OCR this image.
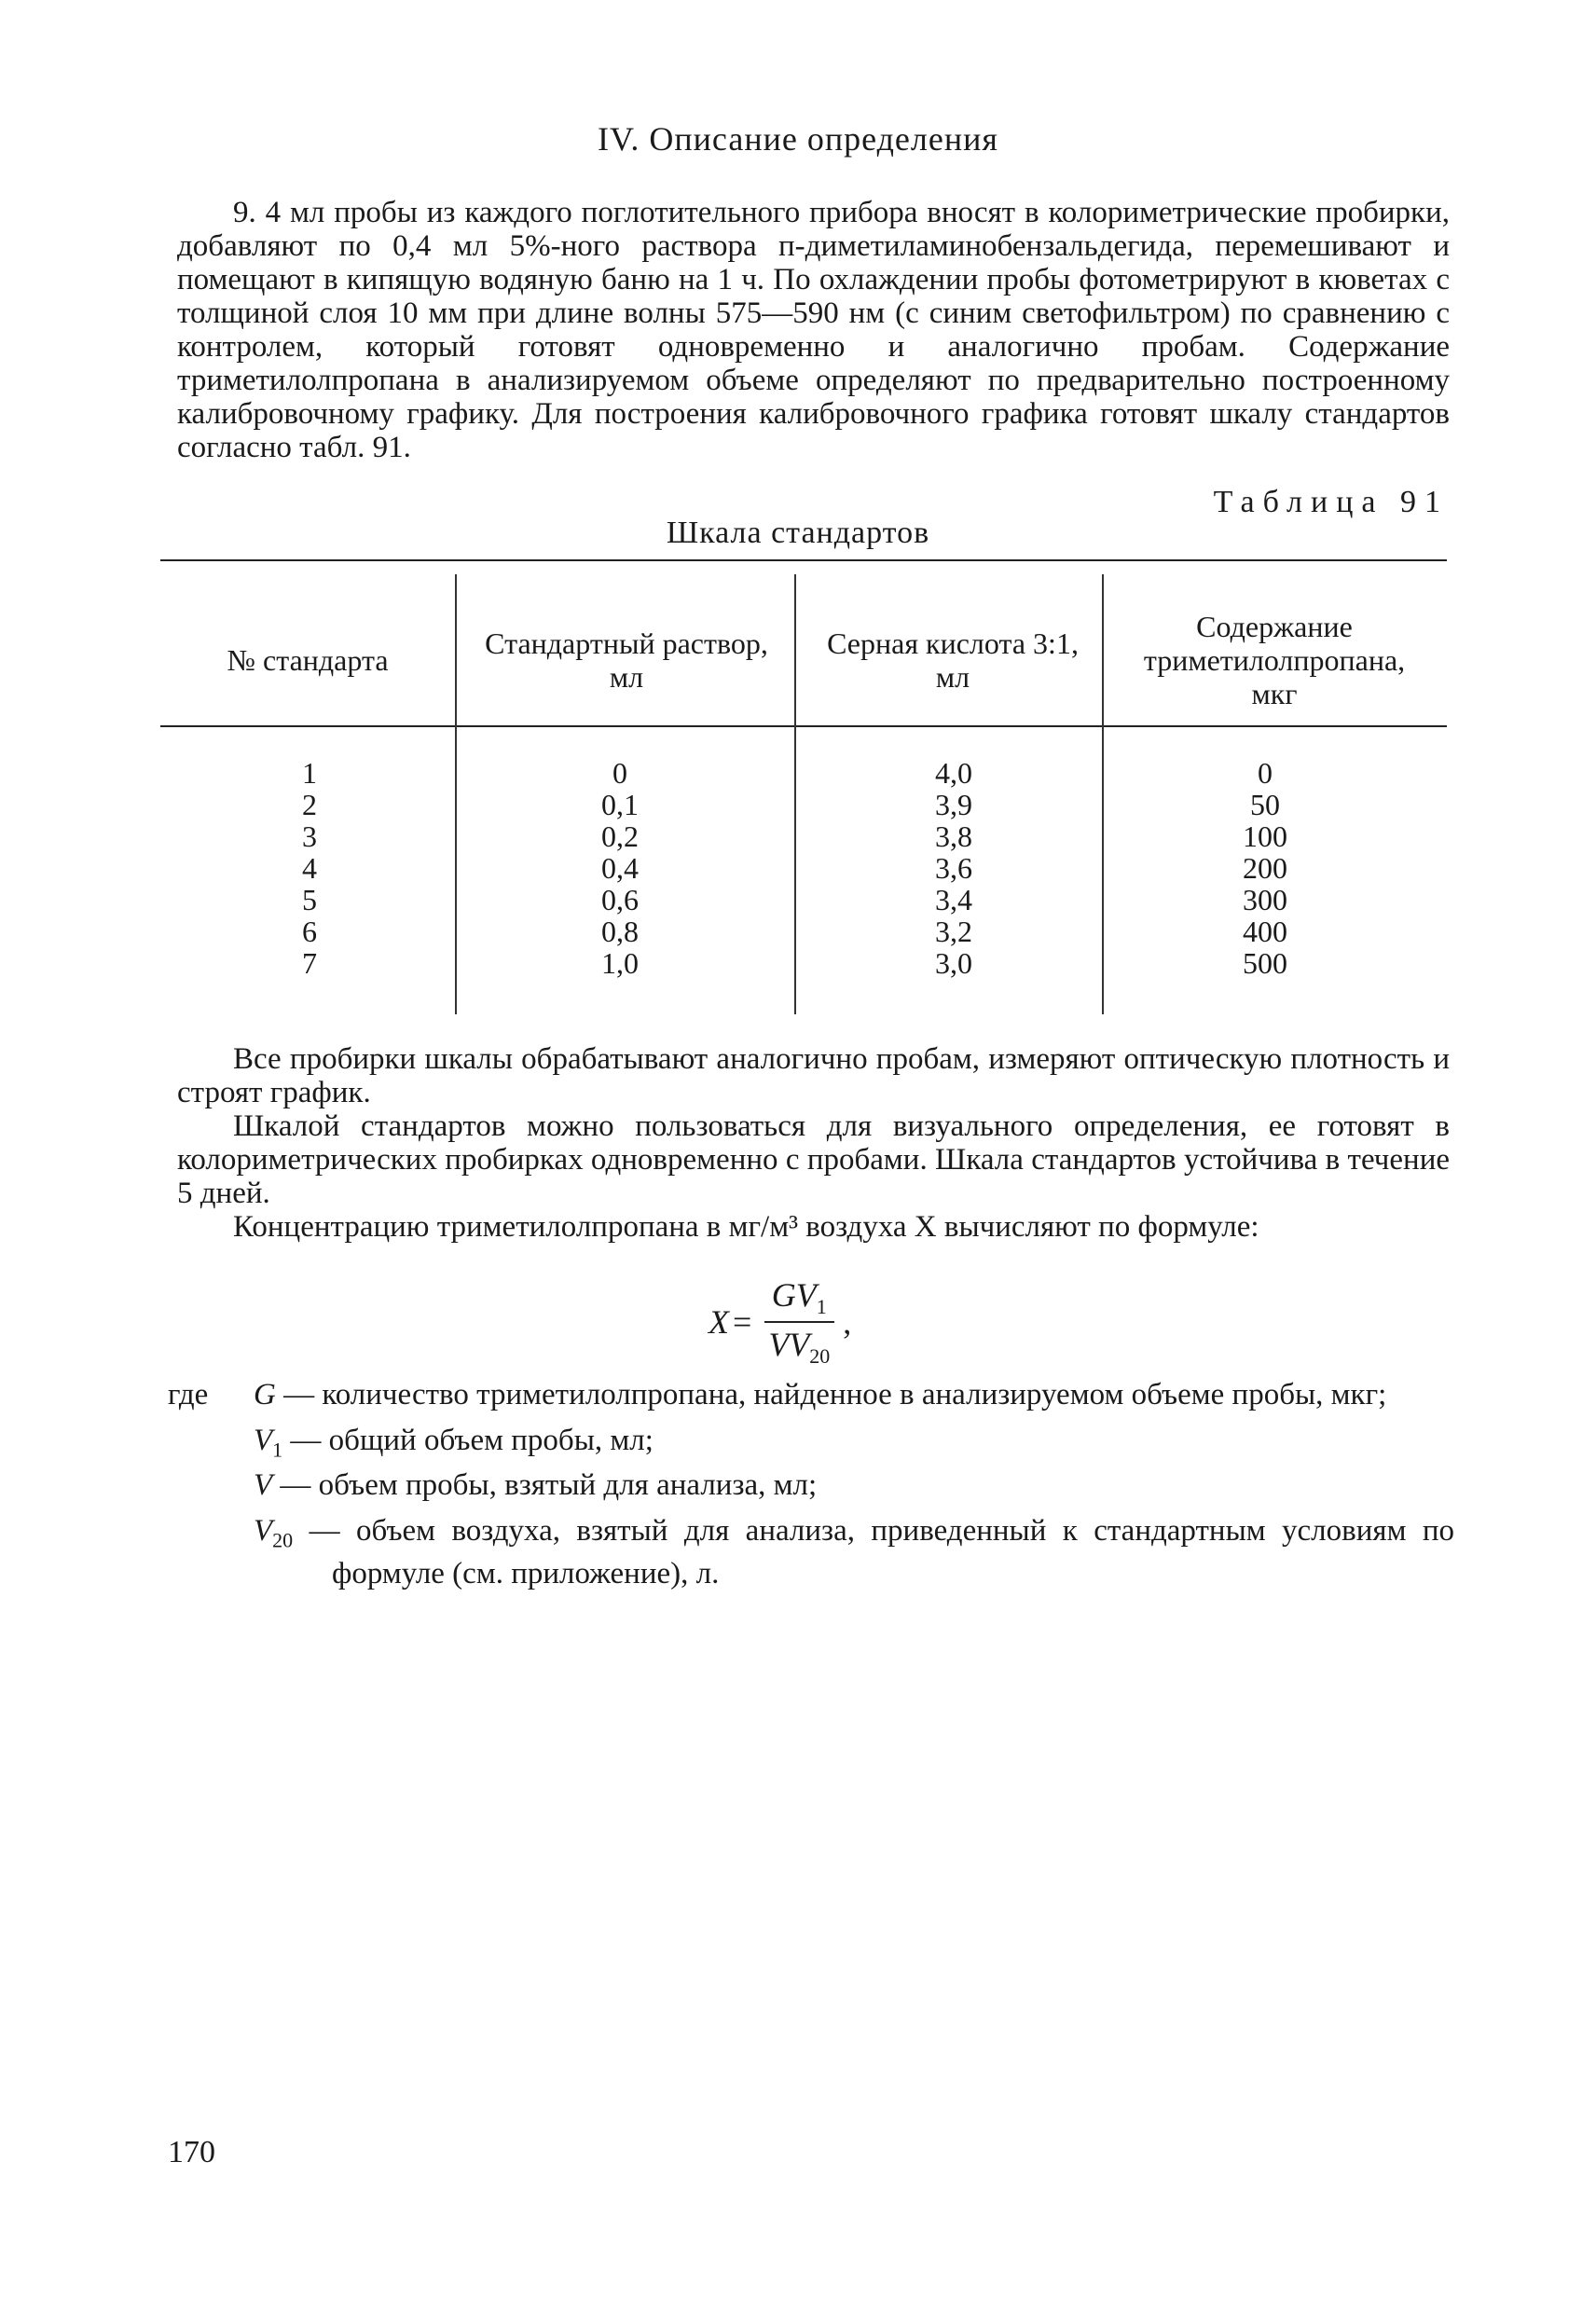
IV. Описание определения

9. 4 мл пробы из каждого поглотительного прибора вносят в колориметрические пробирки, добавляют по 0,4 мл 5%-ного раствора п-диметиламинобензальдегида, перемешивают и помещают в кипящую водяную баню на 1 ч. По охлаждении пробы фотометрируют в кюветах с толщиной слоя 10 мм при длине волны 575—590 нм (с синим светофильтром) по сравнению с контролем, который готовят одновременно и аналогично пробам. Содержание триметилолпропана в анализируемом объеме определяют по предварительно построенному калибровочному графику. Для построения калибровочного графика готовят шкалу стандартов согласно табл. 91.

Таблица 91
Шкала стандартов
№ стандарта	Стандартный раствор, мл
Серная кислота 3:1, мл
Содержание триметилолпропана, мкг
1
2
3
4
5
6
7
0
0,1
0,2
0,4
0,6
0,8
1,0
4,0
3,9
3,8
3,6
3,4
3,2
3,0
0
50
100
200
300
400
500

Все пробирки шкалы обрабатывают аналогично пробам, измеряют оптическую плотность и строят график.

Шкалой стандартов можно пользоваться для визуального определения, ее готовят в колориметрических пробирках одновременно с пробами. Шкала стандартов устойчива в течение 5 дней.

Концентрацию триметилолпропана в мг/м³ воздуха X вычисляют по формуле:

$X = \frac{GV_1}{VV_{20}}$ ,
где G — количество триметилолпропана, найденное в анализируемом объеме пробы, мкг;
$V_1$ — общий объем пробы, мл;
V — объем пробы, взятый для анализа, мл;
$V_{20}$ — объем воздуха, взятый для анализа, приведенный к стандартным условиям по формуле (см. приложение), л.
170
